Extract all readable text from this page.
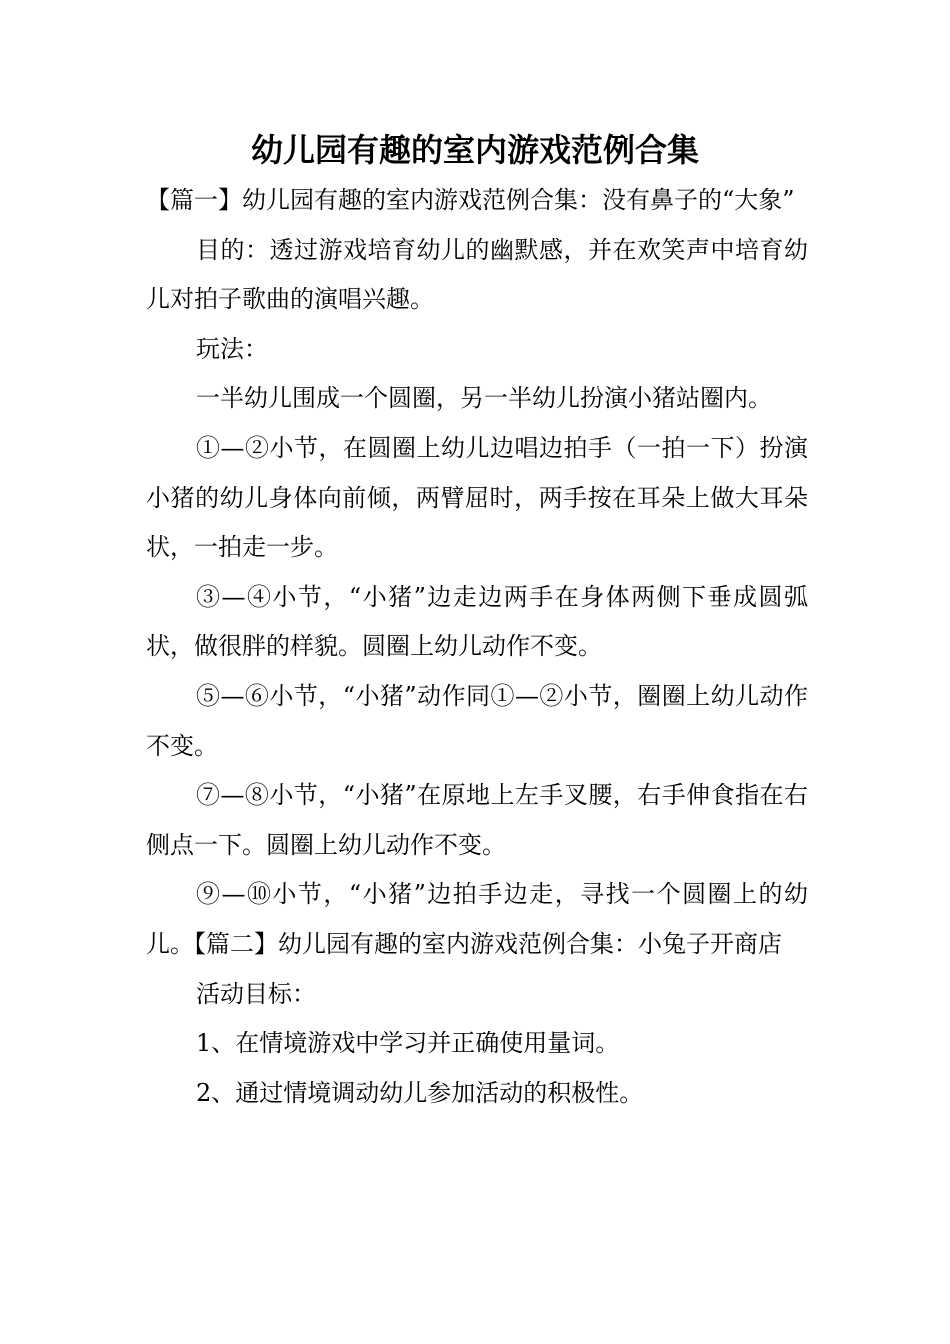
幼儿园有趣的室内游戏范例合集

【篇一】幼儿园有趣的室内游戏范例合集：没有鼻子的“大象”

目的：透过游戏培育幼儿的幽默感，并在欢笑声中培育幼儿对拍子歌曲的演唱兴趣。

玩法：

一半幼儿围成一个圆圈，另一半幼儿扮演小猪站圈内。

①—②小节，在圆圈上幼儿边唱边拍手（一拍一下）扮演小猪的幼儿身体向前倾，两臂屈时，两手按在耳朵上做大耳朵状，一拍走一步。

③—④小节，“小猪”边走边两手在身体两侧下垂成圆弧状，做很胖的样貌。圆圈上幼儿动作不变。

⑤—⑥小节，“小猪”动作同①—②小节，圈圈上幼儿动作不变。

⑦—⑧小节，“小猪”在原地上左手叉腰，右手伸食指在右侧点一下。圆圈上幼儿动作不变。

⑨—⑩小节，“小猪”边拍手边走，寻找一个圆圈上的幼儿。【篇二】幼儿园有趣的室内游戏范例合集：小兔子开商店

活动目标：

1、在情境游戏中学习并正确使用量词。

2、通过情境调动幼儿参加活动的积极性。
